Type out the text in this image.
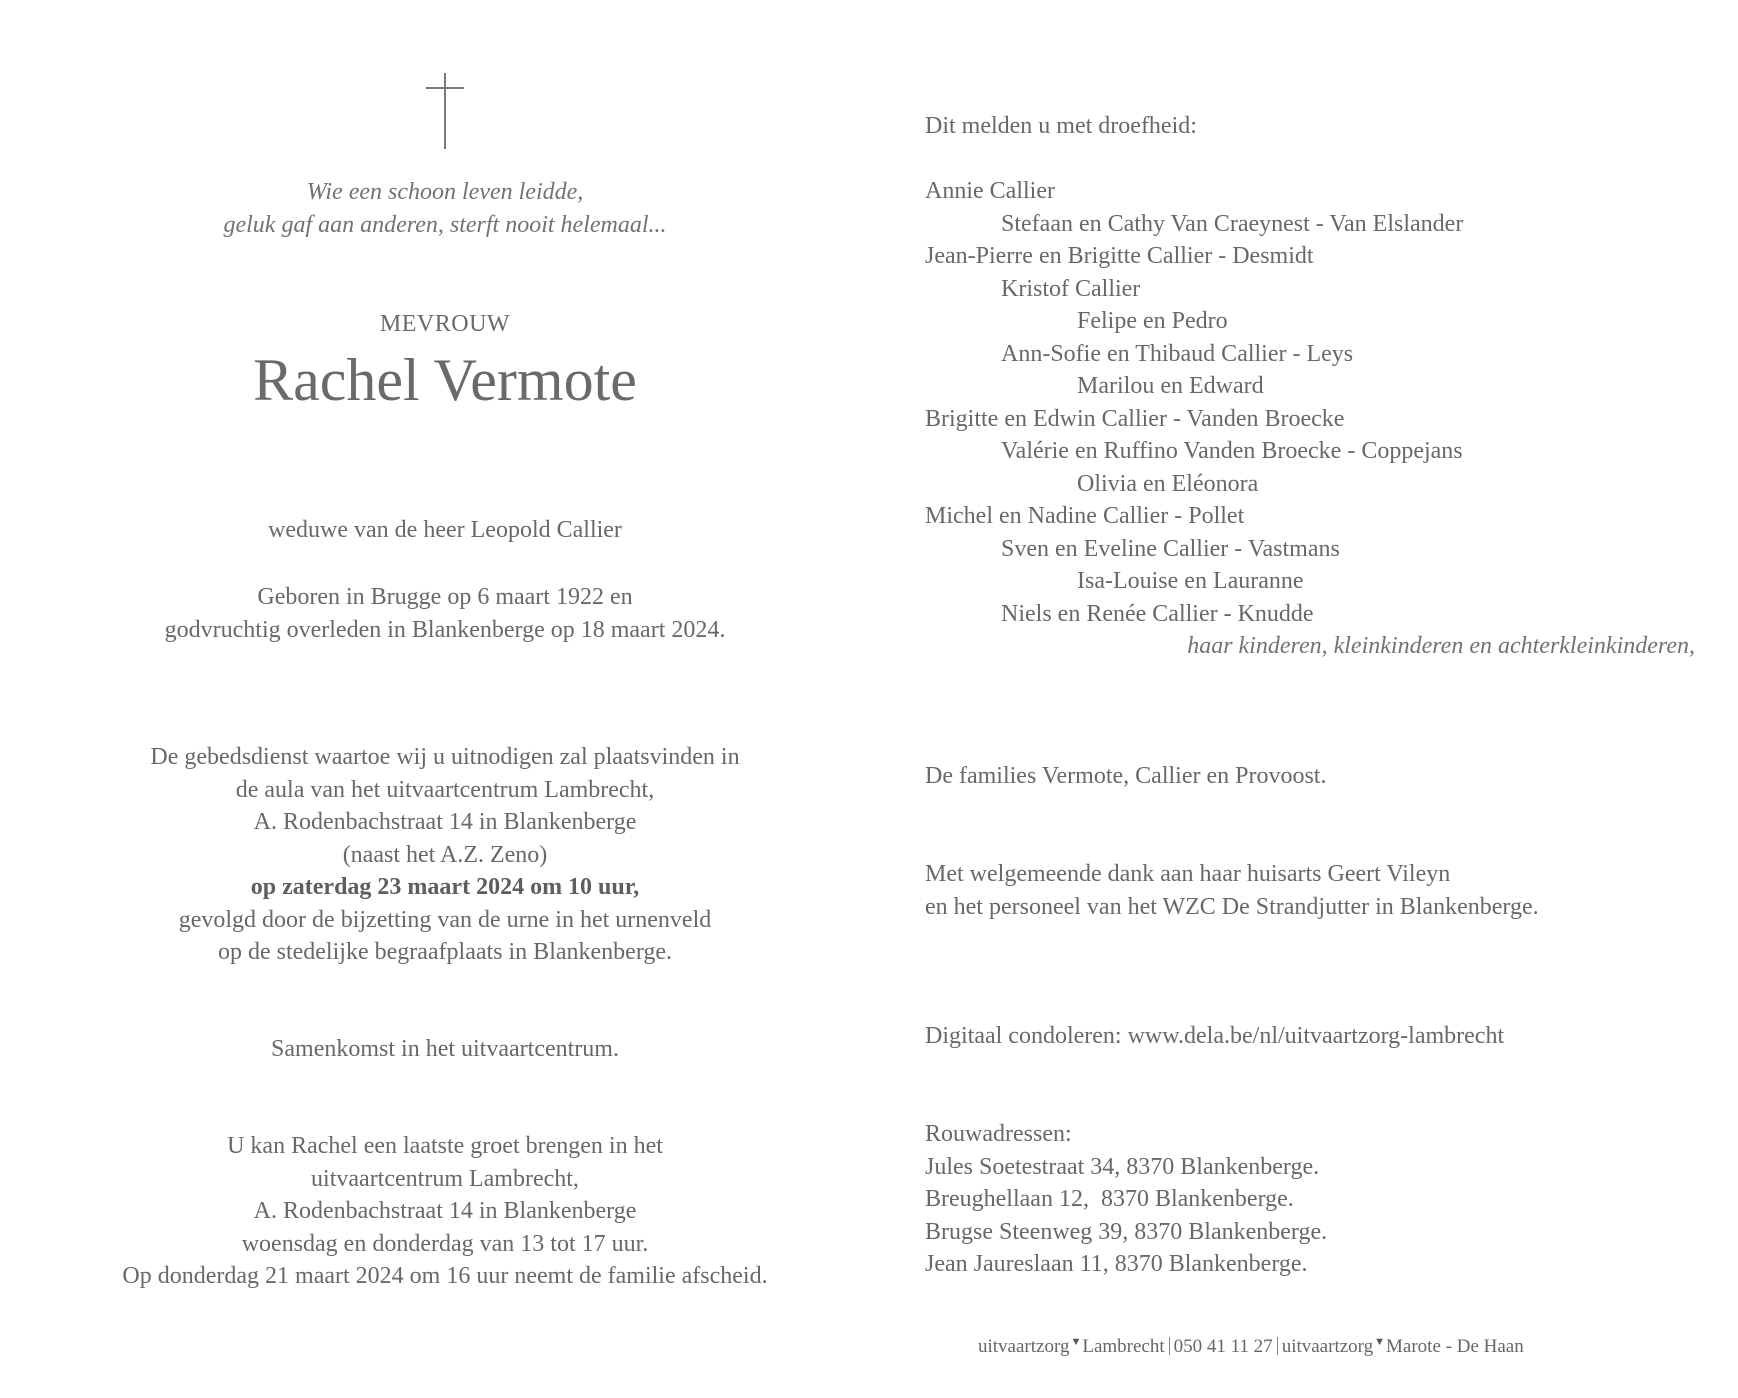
Wie een schoon leven leidde,
geluk gaf aan anderen, sterft nooit helemaal...
MEVROUW
Rachel Vermote
weduwe van de heer Leopold Callier
Geboren in Brugge op 6 maart 1922 en
godvruchtig overleden in Blankenberge op 18 maart 2024.
De gebedsdienst waartoe wij u uitnodigen zal plaatsvinden in
de aula van het uitvaartcentrum Lambrecht,
A. Rodenbachstraat 14 in Blankenberge
(naast het A.Z. Zeno)
op zaterdag 23 maart 2024 om 10 uur,
gevolgd door de bijzetting van de urne in het urnenveld
op de stedelijke begraafplaats in Blankenberge.
Samenkomst in het uitvaartcentrum.
U kan Rachel een laatste groet brengen in het
uitvaartcentrum Lambrecht,
A. Rodenbachstraat 14 in Blankenberge
woensdag en donderdag van 13 tot 17 uur.
Op donderdag 21 maart 2024 om 16 uur neemt de familie afscheid.
Dit melden u met droefheid:
Annie Callier
Stefaan en Cathy Van Craeynest - Van Elslander
Jean-Pierre en Brigitte Callier - Desmidt
Kristof Callier
Felipe en Pedro
Ann-Sofie en Thibaud Callier - Leys
Marilou en Edward
Brigitte en Edwin Callier - Vanden Broecke
Valérie en Ruffino Vanden Broecke - Coppejans
Olivia en Eléonora
Michel en Nadine Callier - Pollet
Sven en Eveline Callier - Vastmans
Isa-Louise en Lauranne
Niels en Renée Callier - Knudde
haar kinderen, kleinkinderen en achterkleinkinderen,
De families Vermote, Callier en Provoost.
Met welgemeende dank aan haar huisarts Geert Vileyn
en het personeel van het WZC De Strandjutter in Blankenberge.
Digitaal condoleren: www.dela.be/nl/uitvaartzorg-lambrecht
Rouwadressen:
Jules Soetestraat 34, 8370 Blankenberge.
Breughellaan 12,  8370 Blankenberge.
Brugse Steenweg 39, 8370 Blankenberge.
Jean Jaureslaan 11, 8370 Blankenberge.
uitvaartzorg▼Lambrecht 050 41 11 27 uitvaartzorg▼Marote - De Haan
